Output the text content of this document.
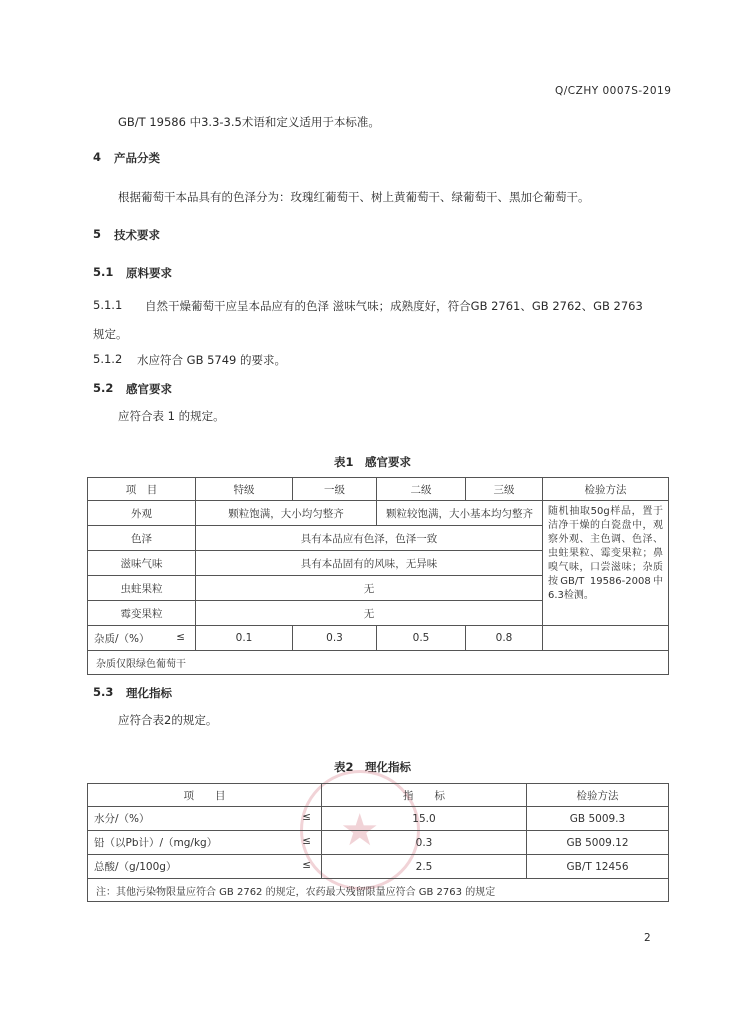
Q/CZHY 0007S-2019
GB/T 19586 中3.3-3.5术语和定义适用于本标准。
4 产品分类
根据葡萄干本品具有的色泽分为：玫瑰红葡萄干、树上黄葡萄干、绿葡萄干、黑加仑葡萄干。
5 技术要求
5.1 原料要求
5.1.1 自然干燥葡萄干应呈本品应有的色泽 滋味气味；成熟度好，符合GB 2761、GB 2762、GB 2763
规定。
5.1.2 水应符合 GB 5749 的要求。
5.2 感官要求
应符合表 1 的规定。
表1　感官要求
项　目	特级	一级	二级	三级	检验方法
外观	颗粒饱满，大小均匀整齐		颗粒较饱满，大小基本均匀整齐		随机抽取50g样品，置于洁净干燥的白瓷盘中，观察外观、主色调、色泽、虫蛀果粒、霉变果粒；鼻嗅气味，口尝滋味；杂质按GB/T 19586-2008中6.3检测。
色泽	具有本品应有色泽，色泽一致				
滋味气味	具有本品固有的风味，无异味				
虫蛀果粒	无				
霉变果粒	无				
杂质/（%） ≤	0.1	0.3	0.5	0.8	
杂质仅限绿色葡萄干					
5.3 理化指标
应符合表2的规定。
表2　理化指标
★
项　　目	指　　标	检验方法
水分/（%） ≤	15.0	GB 5009.3
铅（以Pb计）/（mg/kg） ≤	0.3	GB 5009.12
总酸/（g/100g） ≤	2.5	GB/T 12456
注：其他污染物限量应符合 GB 2762 的规定，农药最大残留限量应符合 GB 2763 的规定		
2
